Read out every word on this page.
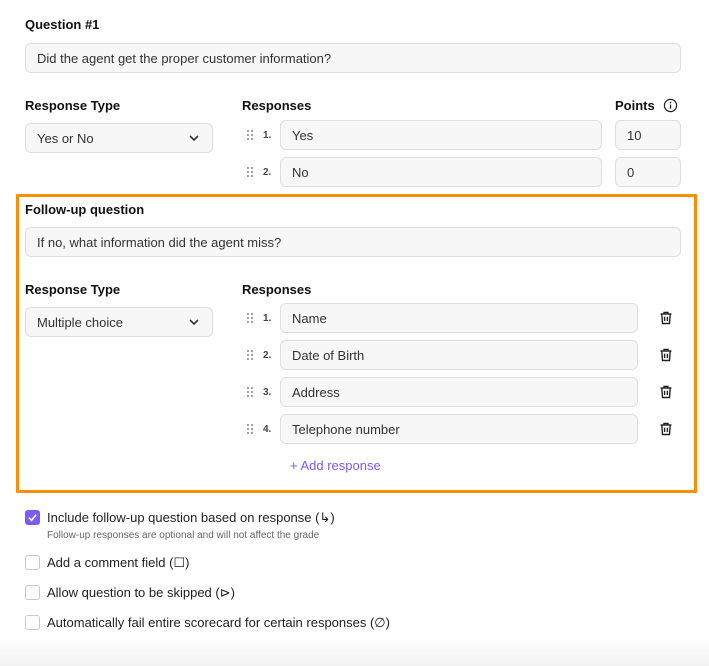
Question #1
Did the agent get the proper customer information?
Response Type	Responses	Points
Yes or No	1.	Yes	10
2.	No	0
Follow-up question
If no, what information did the agent miss?
Response Type	Responses
Multiple choice	1.	Name
2.	Date of Birth
3.	Address
4.	Telephone number
+ Add response
Include follow-up question based on response (↳)
Follow-up responses are optional and will not affect the grade
Add a comment field (☐)
Allow question to be skipped (⊳)
Automatically fail entire scorecard for certain responses (∅)
